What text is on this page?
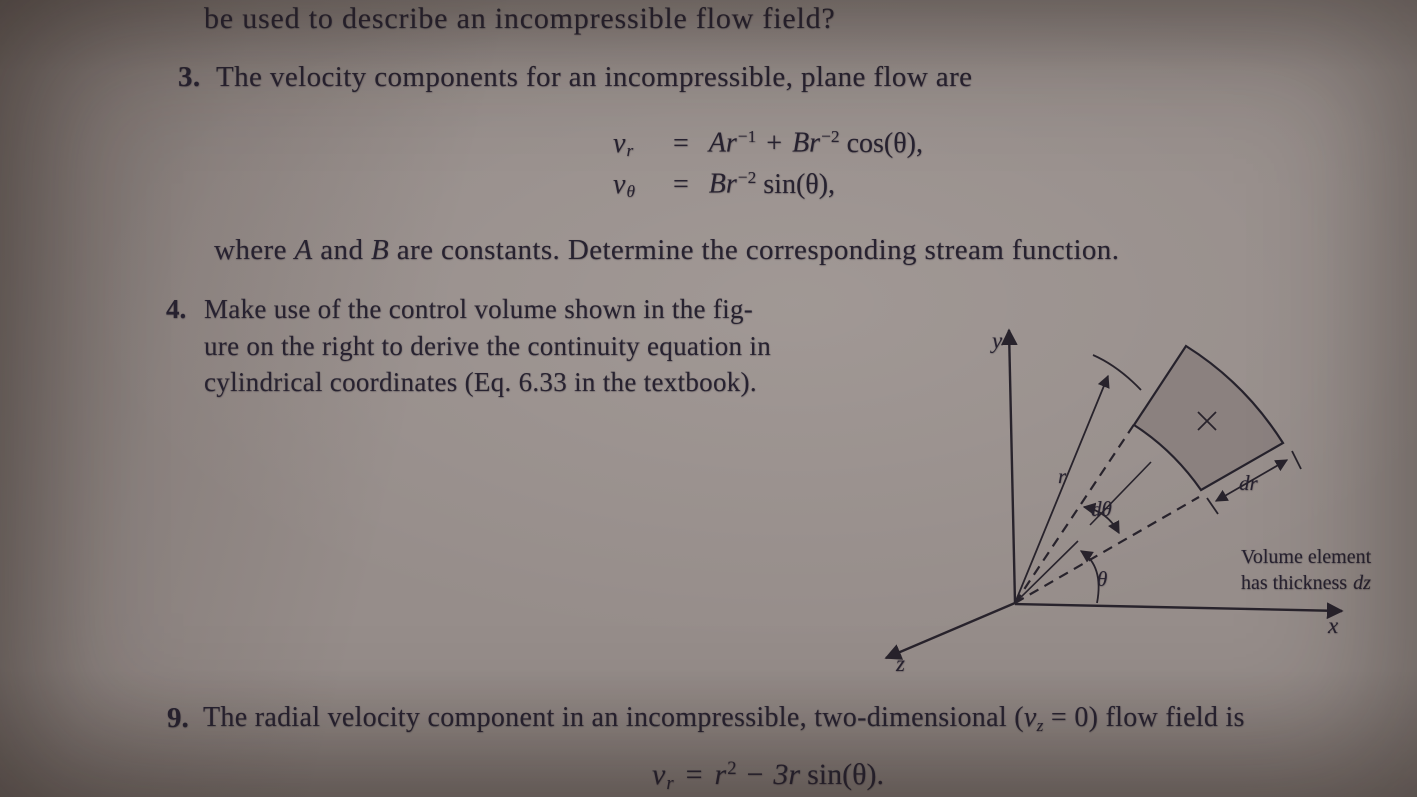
be used to describe an incompressible flow field?
3. The velocity components for an incompressible, plane flow are
$v_r = Ar^{-1} + Br^{-2}$ cos(θ),
$v_\theta = Br^{-2}$ sin(θ),
where A and B are constants. Determine the corresponding stream function.
4. Make use of the control volume shown in the fig-
ure on the right to derive the continuity equation in
cylindrical coordinates (Eq. 6.33 in the textbook).
y
x
z
r
θ
dθ
dr
Volume element
has thickness dz
9. The radial velocity component in an incompressible, two-dimensional $(v_z = 0)$ flow field is
$v_r = r^2 - 3r$ sin(θ).
